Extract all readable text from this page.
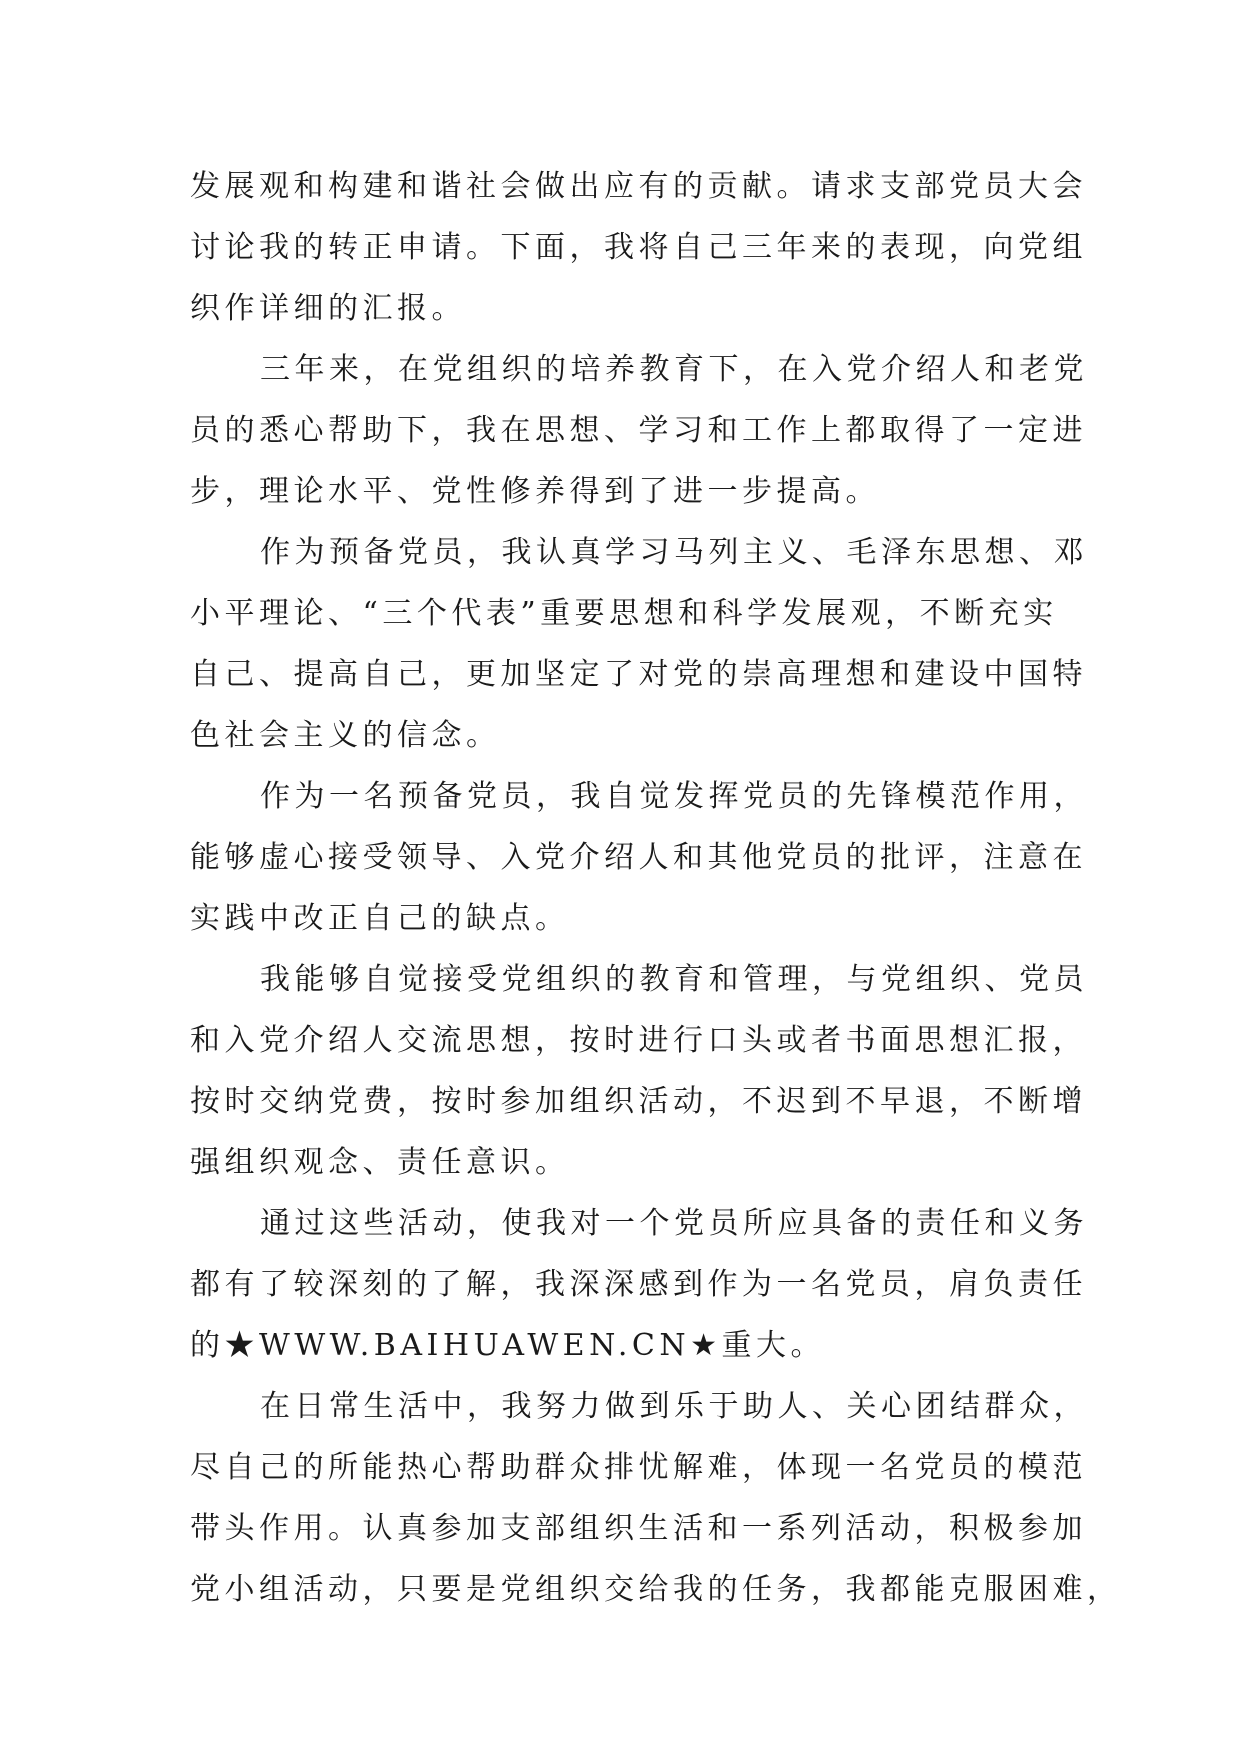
发展观和构建和谐社会做出应有的贡献。请求支部党员大会
讨论我的转正申请。下面，我将自己三年来的表现，向党组
织作详细的汇报。
三年来，在党组织的培养教育下，在入党介绍人和老党
员的悉心帮助下，我在思想、学习和工作上都取得了一定进
步，理论水平、党性修养得到了进一步提高。
作为预备党员，我认真学习马列主义、毛泽东思想、邓
小平理论、“三个代表”重要思想和科学发展观，不断充实
自己、提高自己，更加坚定了对党的崇高理想和建设中国特
色社会主义的信念。
作为一名预备党员，我自觉发挥党员的先锋模范作用，
能够虚心接受领导、入党介绍人和其他党员的批评，注意在
实践中改正自己的缺点。
我能够自觉接受党组织的教育和管理，与党组织、党员
和入党介绍人交流思想，按时进行口头或者书面思想汇报，
按时交纳党费，按时参加组织活动，不迟到不早退，不断增
强组织观念、责任意识。
通过这些活动，使我对一个党员所应具备的责任和义务
都有了较深刻的了解，我深深感到作为一名党员，肩负责任
的★WWW.BAIHUAWEN.CN★重大。
在日常生活中，我努力做到乐于助人、关心团结群众，
尽自己的所能热心帮助群众排忧解难，体现一名党员的模范
带头作用。认真参加支部组织生活和一系列活动，积极参加
党小组活动，只要是党组织交给我的任务，我都能克服困难，
